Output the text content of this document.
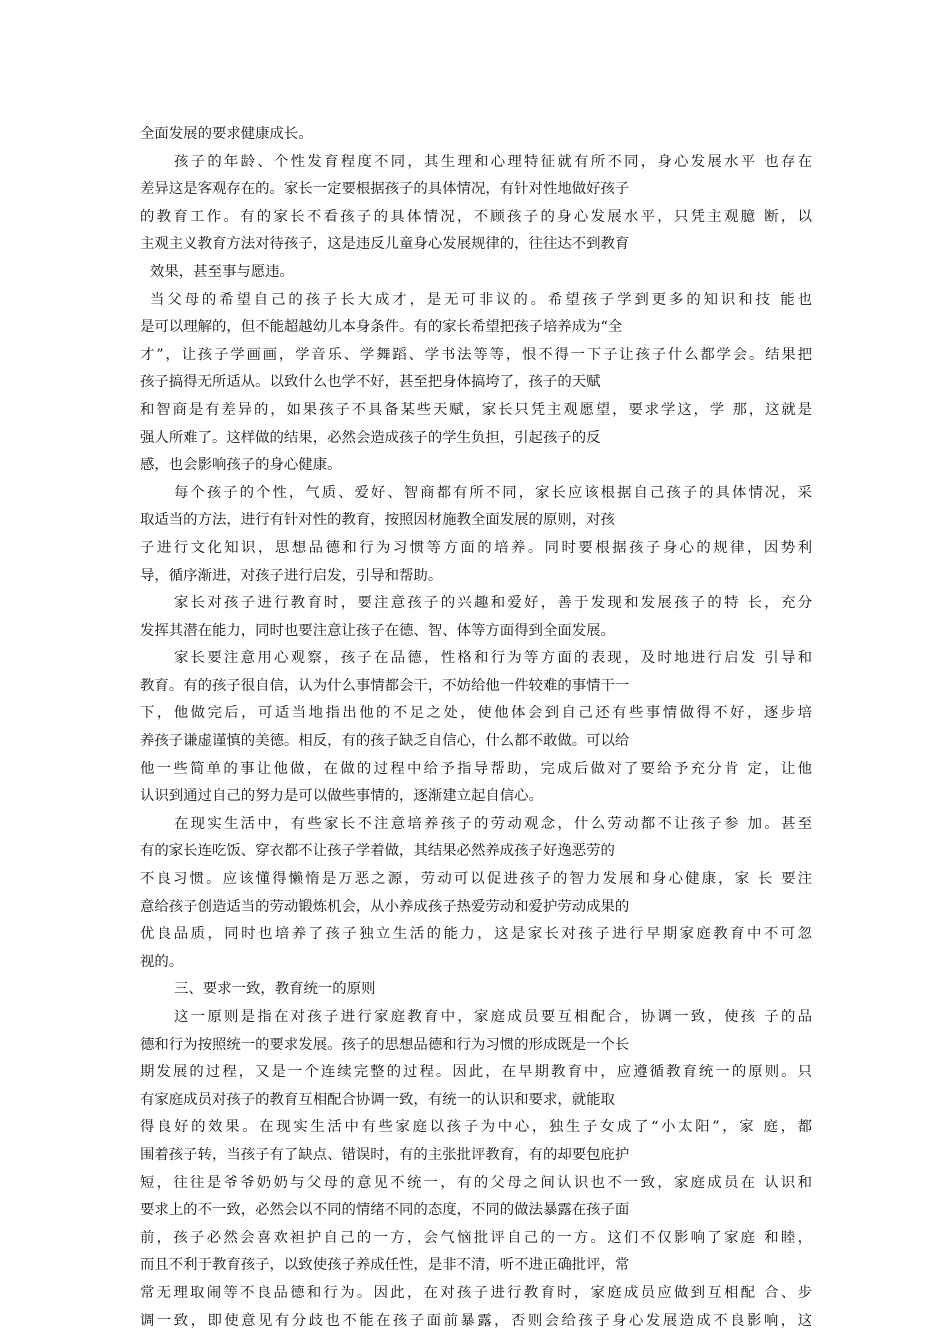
全面发展的要求健康成长。
孩子的年龄、个性发育程度不同，其生理和心理特征就有所不同，身心发展水平 也存在
差异这是客观存在的。家长一定要根据孩子的具体情况，有针对性地做好孩子
的教育工作。有的家长不看孩子的具体情况，不顾孩子的身心发展水平，只凭主观臆 断，以
主观主义教育方法对待孩子，这是违反儿童身心发展规律的，往往达不到教育
效果，甚至事与愿违。
当父母的希望自己的孩子长大成才，是无可非议的。希望孩子学到更多的知识和技 能也
是可以理解的，但不能超越幼儿本身条件。有的家长希望把孩子培养成为“全
才”，让孩子学画画，学音乐、学舞蹈、学书法等等，恨不得一下子让孩子什么都学会。结果把
孩子搞得无所适从。以致什么也学不好，甚至把身体搞垮了，孩子的天赋
和智商是有差异的，如果孩子不具备某些天赋，家长只凭主观愿望，要求学这，学 那，这就是
强人所难了。这样做的结果，必然会造成孩子的学生负担，引起孩子的反
感，也会影响孩子的身心健康。
每个孩子的个性，气质、爱好、智商都有所不同，家长应该根据自己孩子的具体情况，采
取适当的方法，进行有针对性的教育，按照因材施教全面发展的原则，对孩
子进行文化知识，思想品德和行为习惯等方面的培养。同时要根据孩子身心的规律，因势利
导，循序渐进，对孩子进行启发，引导和帮助。
家长对孩子进行教育时，要注意孩子的兴趣和爱好，善于发现和发展孩子的特 长，充分
发挥其潜在能力，同时也要注意让孩子在德、智、体等方面得到全面发展。
家长要注意用心观察，孩子在品德，性格和行为等方面的表现，及时地进行启发 引导和
教育。有的孩子很自信，认为什么事情都会干，不妨给他一件较难的事情干一
下，他做完后，可适当地指出他的不足之处，使他体会到自己还有些事情做得不好，逐步培
养孩子谦虚谨慎的美德。相反，有的孩子缺乏自信心，什么都不敢做。可以给
他一些简单的事让他做，在做的过程中给予指导帮助，完成后做对了要给予充分肯 定，让他
认识到通过自己的努力是可以做些事情的，逐渐建立起自信心。
在现实生活中，有些家长不注意培养孩子的劳动观念，什么劳动都不让孩子参 加。甚至
有的家长连吃饭、穿衣都不让孩子学着做，其结果必然养成孩子好逸恶劳的
不良习惯。应该懂得懒惰是万恶之源，劳动可以促进孩子的智力发展和身心健康，家 长 要注
意给孩子创造适当的劳动锻炼机会，从小养成孩子热爱劳动和爱护劳动成果的
优良品质，同时也培养了孩子独立生活的能力，这是家长对孩子进行早期家庭教育中不可忽
视的。
三、要求一致，教育统一的原则
这一原则是指在对孩子进行家庭教育中，家庭成员要互相配合，协调一致，使孩 子的品
德和行为按照统一的要求发展。孩子的思想品德和行为习惯的形成既是一个长
期发展的过程，又是一个连续完整的过程。因此，在早期教育中，应遵循教育统一的原则。只
有家庭成员对孩子的教育互相配合协调一致，有统一的认识和要求，就能取
得良好的效果。在现实生活中有些家庭以孩子为中心，独生子女成了“小太阳”，家 庭，都
围着孩子转，当孩子有了缺点、错误时，有的主张批评教育，有的却要包庇护
短，往往是爷爷奶奶与父母的意见不统一，有的父母之间认识也不一致，家庭成员在 认识和
要求上的不一致，必然会以不同的情绪不同的态度，不同的做法暴露在孩子面
前，孩子必然会喜欢袒护自己的一方，会气恼批评自己的一方。这们不仅影响了家庭 和睦，
而且不利于教育孩子，以致使孩子养成任性，是非不清，听不进正确批评，常
常无理取闹等不良品德和行为。因此，在对孩子进行教育时，家庭成员应做到互相配 合、步
调一致，即使意见有分歧也不能在孩子面前暴露，否则会给孩子身心发展造成不良影响，这
